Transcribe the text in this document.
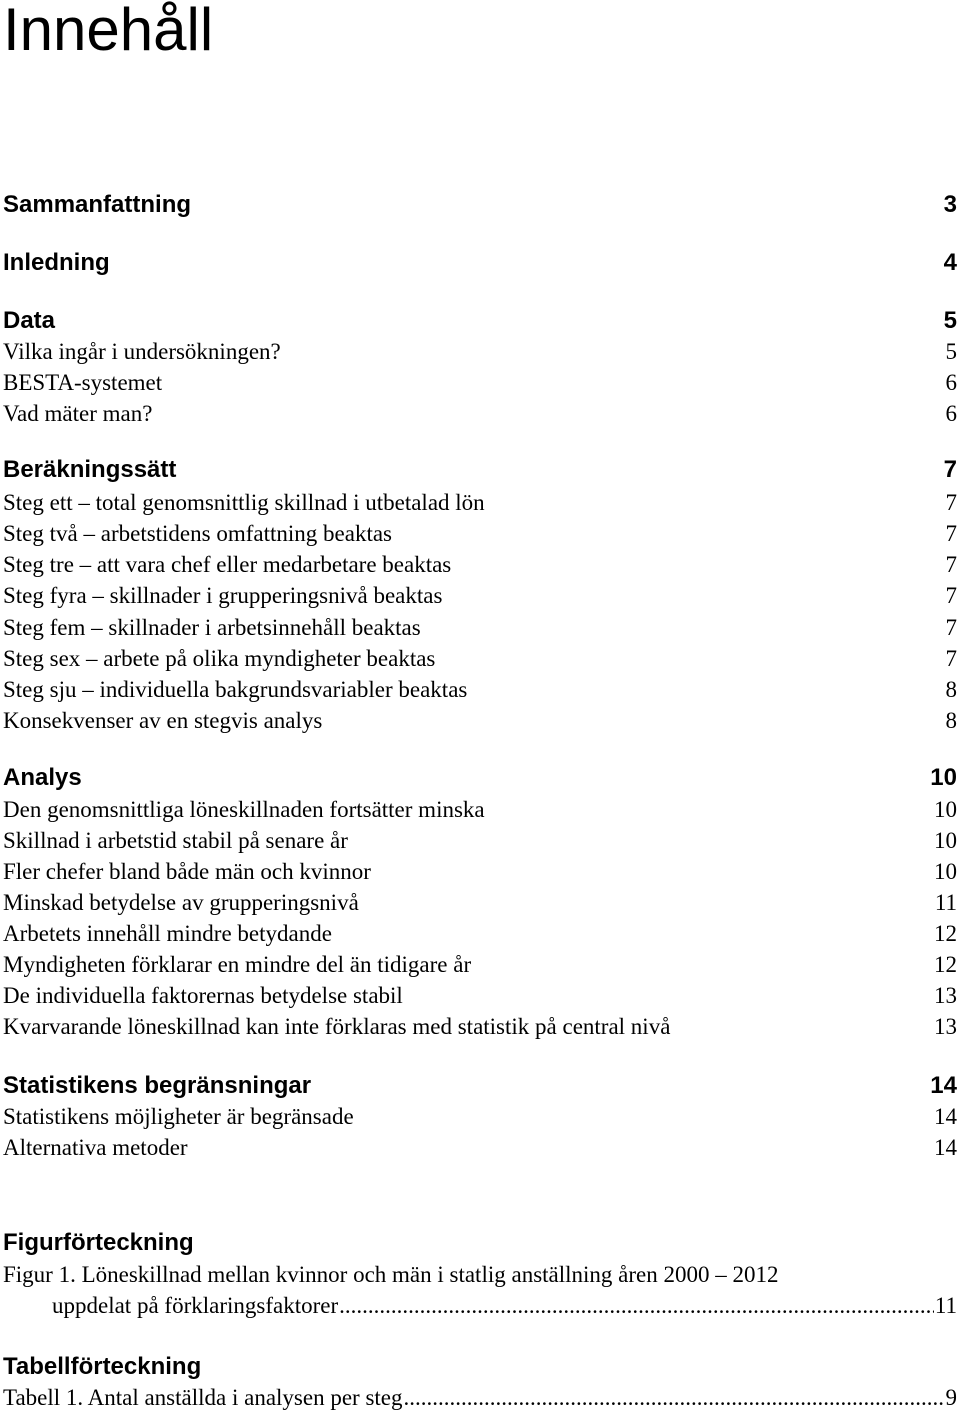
Innehåll
Sammanfattning	3
Inledning	4
Data	5
Vilka ingår i undersökningen?	5
BESTA-systemet	6
Vad mäter man?	6
Beräkningssätt	7
Steg ett – total genomsnittlig skillnad i utbetalad lön	7
Steg två – arbetstidens omfattning beaktas	7
Steg tre – att vara chef eller medarbetare beaktas	7
Steg fyra – skillnader i grupperingsnivå beaktas	7
Steg fem – skillnader i arbetsinnehåll beaktas	7
Steg sex – arbete på olika myndigheter beaktas	7
Steg sju – individuella bakgrundsvariabler beaktas	8
Konsekvenser av en stegvis analys	8
Analys	10
Den genomsnittliga löneskillnaden fortsätter minska	10
Skillnad i arbetstid stabil på senare år	10
Fler chefer bland både män och kvinnor	10
Minskad betydelse av grupperingsnivå	11
Arbetets innehåll mindre betydande	12
Myndigheten förklarar en mindre del än tidigare år	12
De individuella faktorernas betydelse stabil	13
Kvarvarande löneskillnad kan inte förklaras med statistik på central nivå	13
Statistikens begränsningar	14
Statistikens möjligheter är begränsade	14
Alternativa metoder	14
Figurförteckning
Figur 1. Löneskillnad mellan kvinnor och män i statlig anställning åren 2000 – 2012
uppdelat på förklaringsfaktorer .....	11
Tabellförteckning
Tabell 1. Antal anställda i analysen per steg .....	9
